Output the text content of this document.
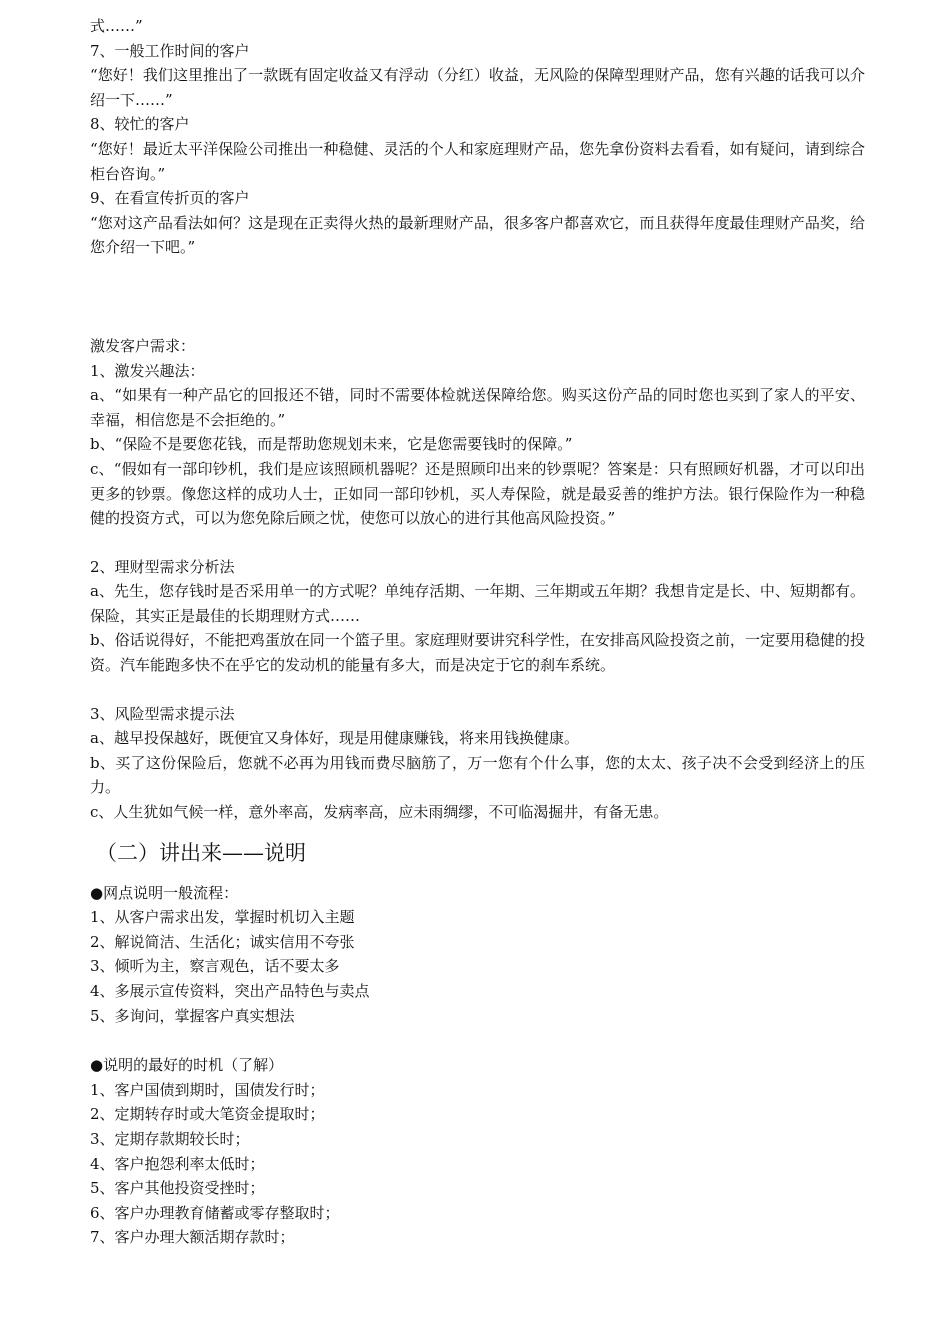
式……”

7、一般工作时间的客户

“您好！我们这里推出了一款既有固定收益又有浮动（分红）收益，无风险的保障型理财产品，您有兴趣的话我可以介绍一下……”

8、较忙的客户

“您好！最近太平洋保险公司推出一种稳健、灵活的个人和家庭理财产品，您先拿份资料去看看，如有疑问，请到综合柜台咨询。”

9、在看宣传折页的客户

“您对这产品看法如何？这是现在正卖得火热的最新理财产品，很多客户都喜欢它，而且获得年度最佳理财产品奖，给您介绍一下吧。”

激发客户需求：

1、激发兴趣法：

a、“如果有一种产品它的回报还不错，同时不需要体检就送保障给您。购买这份产品的同时您也买到了家人的平安、幸福，相信您是不会拒绝的。”

b、“保险不是要您花钱，而是帮助您规划未来，它是您需要钱时的保障。”

c、“假如有一部印钞机，我们是应该照顾机器呢？还是照顾印出来的钞票呢？答案是：只有照顾好机器，才可以印出更多的钞票。像您这样的成功人士，正如同一部印钞机，买人寿保险，就是最妥善的维护方法。银行保险作为一种稳健的投资方式，可以为您免除后顾之忧，使您可以放心的进行其他高风险投资。”

2、理财型需求分析法

a、先生，您存钱时是否采用单一的方式呢？单纯存活期、一年期、三年期或五年期？我想肯定是长、中、短期都有。保险，其实正是最佳的长期理财方式……

b、俗话说得好，不能把鸡蛋放在同一个篮子里。家庭理财要讲究科学性，在安排高风险投资之前，一定要用稳健的投资。汽车能跑多快不在乎它的发动机的能量有多大，而是决定于它的刹车系统。

3、风险型需求提示法

a、越早投保越好，既便宜又身体好，现是用健康赚钱，将来用钱换健康。

b、买了这份保险后，您就不必再为用钱而费尽脑筋了，万一您有个什么事，您的太太、孩子决不会受到经济上的压力。

c、人生犹如气候一样，意外率高，发病率高，应未雨绸缪，不可临渴掘井，有备无患。

（二）讲出来——说明

●网点说明一般流程：

1、从客户需求出发，掌握时机切入主题

2、解说简洁、生活化；诚实信用不夸张

3、倾听为主，察言观色，话不要太多

4、多展示宣传资料，突出产品特色与卖点

5、多询问，掌握客户真实想法

●说明的最好的时机（了解）

1、客户国债到期时，国债发行时；

2、定期转存时或大笔资金提取时；

3、定期存款期较长时；

4、客户抱怨利率太低时；

5、客户其他投资受挫时；

6、客户办理教育储蓄或零存整取时；

7、客户办理大额活期存款时；
